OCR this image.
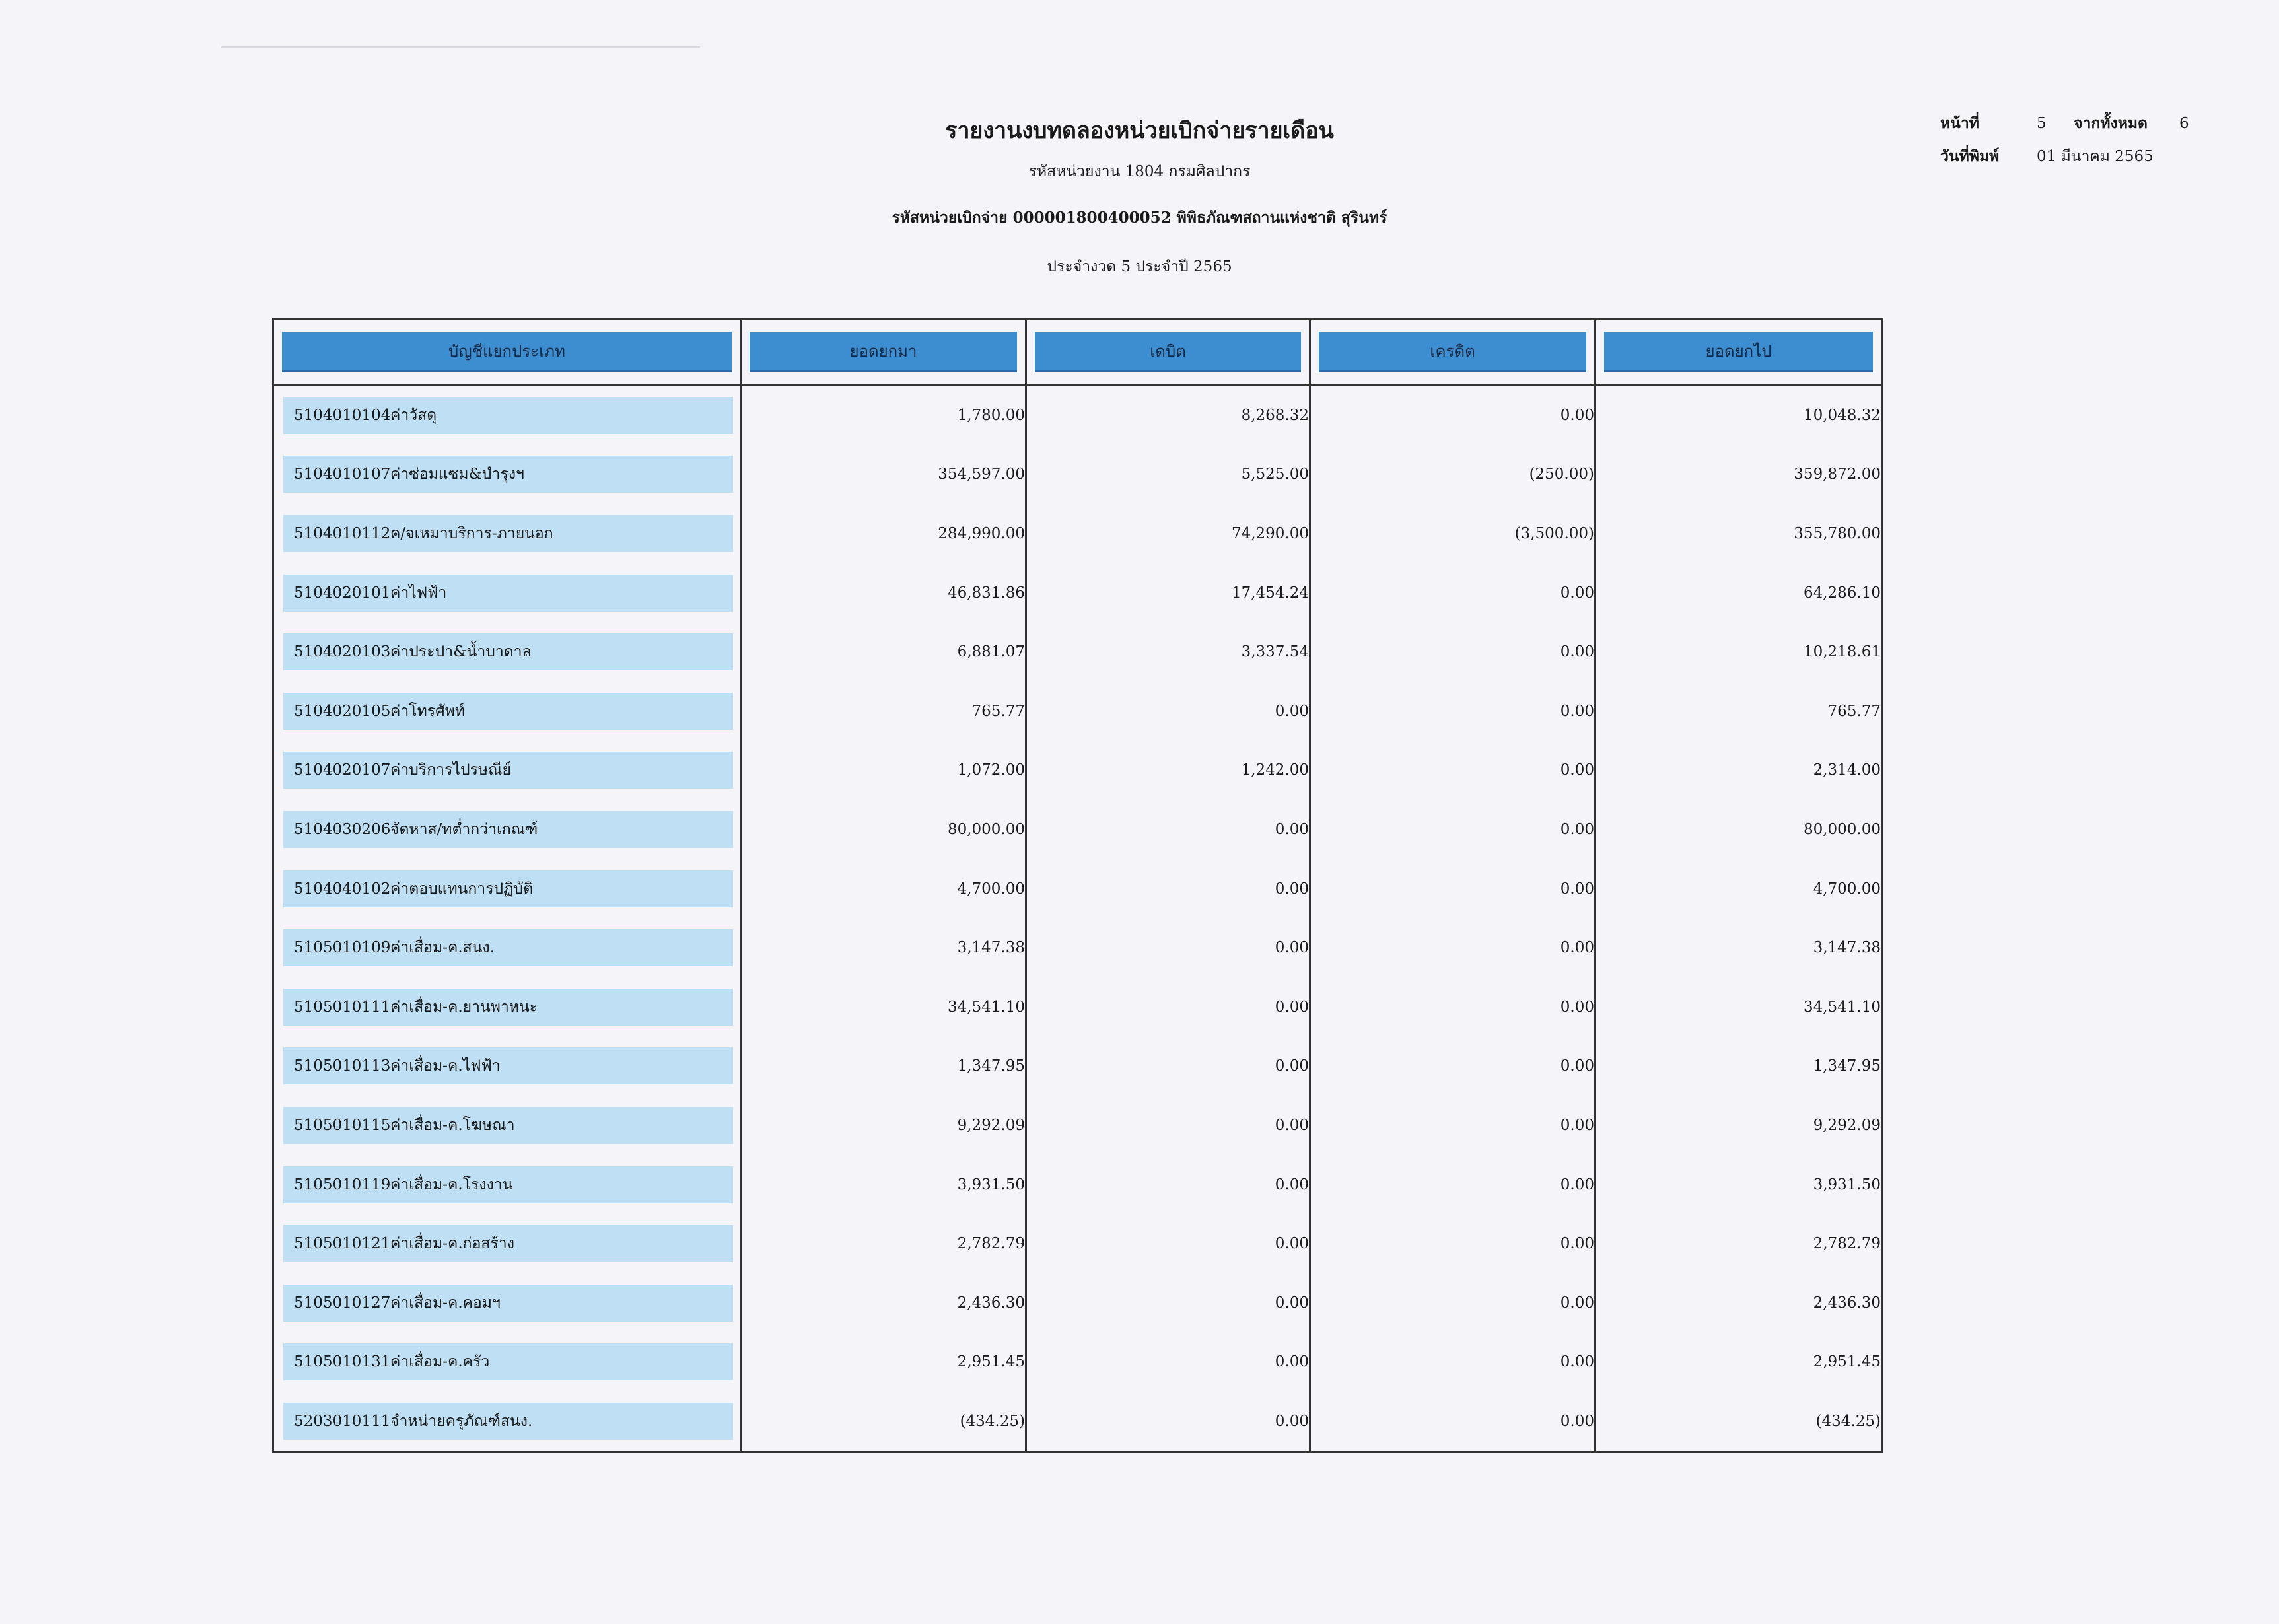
รายงานงบทดลองหน่วยเบิกจ่ายรายเดือน
รหัสหน่วยงาน 1804 กรมศิลปากร
รหัสหน่วยเบิกจ่าย 000001800400052 พิพิธภัณฑสถานแห่งชาติ สุรินทร์
ประจำงวด 5 ประจำปี 2565
หน้าที่	5	จากทั้งหมด	6
วันที่พิมพ์	01 มีนาคม 2565
บัญชีแยกประเภท	ยอดยกมา	เดบิต	เครดิต	ยอดยกไป

5104010104 ค่าวัสดุ	1,780.00	8,268.32	0.00	10,048.32

5104010107 ค่าซ่อมแซม&บำรุงฯ	354,597.00	5,525.00	(250.00)	359,872.00

5104010112 ค/จเหมาบริการ-ภายนอก	284,990.00	74,290.00	(3,500.00)	355,780.00

5104020101 ค่าไฟฟ้า	46,831.86	17,454.24	0.00	64,286.10

5104020103 ค่าประปา&น้ำบาดาล	6,881.07	3,337.54	0.00	10,218.61

5104020105 ค่าโทรศัพท์	765.77	0.00	0.00	765.77

5104020107 ค่าบริการไปรษณีย์	1,072.00	1,242.00	0.00	2,314.00

5104030206 จัดหาส/ทต่ำกว่าเกณฑ์	80,000.00	0.00	0.00	80,000.00

5104040102 ค่าตอบแทนการปฏิบัติ	4,700.00	0.00	0.00	4,700.00

5105010109 ค่าเสื่อม-ค.สนง.	3,147.38	0.00	0.00	3,147.38

5105010111 ค่าเสื่อม-ค.ยานพาหนะ	34,541.10	0.00	0.00	34,541.10

5105010113 ค่าเสื่อม-ค.ไฟฟ้า	1,347.95	0.00	0.00	1,347.95

5105010115 ค่าเสื่อม-ค.โฆษณา	9,292.09	0.00	0.00	9,292.09

5105010119 ค่าเสื่อม-ค.โรงงาน	3,931.50	0.00	0.00	3,931.50

5105010121 ค่าเสื่อม-ค.ก่อสร้าง	2,782.79	0.00	0.00	2,782.79

5105010127 ค่าเสื่อม-ค.คอมฯ	2,436.30	0.00	0.00	2,436.30

5105010131 ค่าเสื่อม-ค.ครัว	2,951.45	0.00	0.00	2,951.45

5203010111 จำหน่ายครุภัณฑ์สนง.	(434.25)	0.00	0.00	(434.25)
